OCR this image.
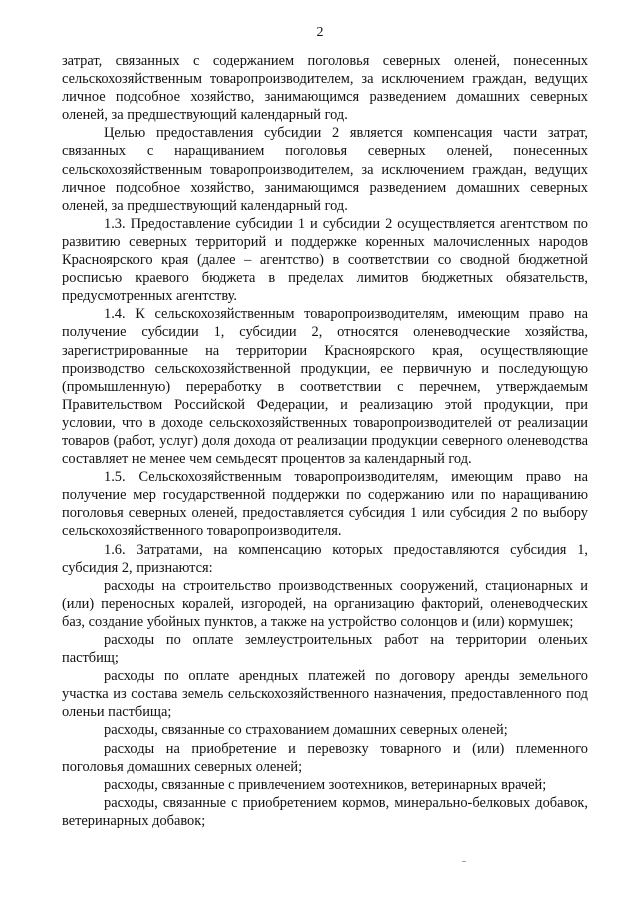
2

затрат, связанных с содержанием поголовья северных оленей, понесенных сельскохозяйственным товаропроизводителем, за исключением граждан, ведущих личное подсобное хозяйство, занимающимся разведением домашних северных оленей, за предшествующий календарный год.

Целью предоставления субсидии 2 является компенсация части затрат, связанных с наращиванием поголовья северных оленей, понесенных сельскохозяйственным товаропроизводителем, за исключением граждан, ведущих личное подсобное хозяйство, занимающимся разведением домашних северных оленей, за предшествующий календарный год.

1.3. Предоставление субсидии 1 и субсидии 2 осуществляется агентством по развитию северных территорий и поддержке коренных малочисленных народов Красноярского края (далее – агентство) в соответствии со сводной бюджетной росписью краевого бюджета в пределах лимитов бюджетных обязательств, предусмотренных агентству.

1.4. К сельскохозяйственным товаропроизводителям, имеющим право на получение субсидии 1, субсидии 2, относятся оленеводческие хозяйства, зарегистрированные на территории Красноярского края, осуществляющие производство сельскохозяйственной продукции, ее первичную и последующую (промышленную) переработку в соответствии с перечнем, утверждаемым Правительством Российской Федерации, и реализацию этой продукции, при условии, что в доходе сельскохозяйственных товаропроизводителей от реализации товаров (работ, услуг) доля дохода от реализации продукции северного оленеводства составляет не менее чем семьдесят процентов за календарный год.

1.5. Сельскохозяйственным товаропроизводителям, имеющим право на получение мер государственной поддержки по содержанию или по наращиванию поголовья северных оленей, предоставляется субсидия 1 или субсидия 2 по выбору сельскохозяйственного товаропроизводителя.

1.6. Затратами, на компенсацию которых предоставляются субсидия 1, субсидия 2, признаются:

расходы на строительство производственных сооружений, стационарных и (или) переносных коралей, изгородей, на организацию факторий, оленеводческих баз, создание убойных пунктов, а также на устройство солонцов и (или) кормушек;

расходы по оплате землеустроительных работ на территории оленьих пастбищ;

расходы по оплате арендных платежей по договору аренды земельного участка из состава земель сельскохозяйственного назначения, предоставленного под оленьи пастбища;

расходы, связанные со страхованием домашних северных оленей;

расходы на приобретение и перевозку товарного и (или) племенного поголовья домашних северных оленей;

расходы, связанные с привлечением зоотехников, ветеринарных врачей;

расходы, связанные с приобретением кормов, минерально-белковых добавок, ветеринарных добавок;
